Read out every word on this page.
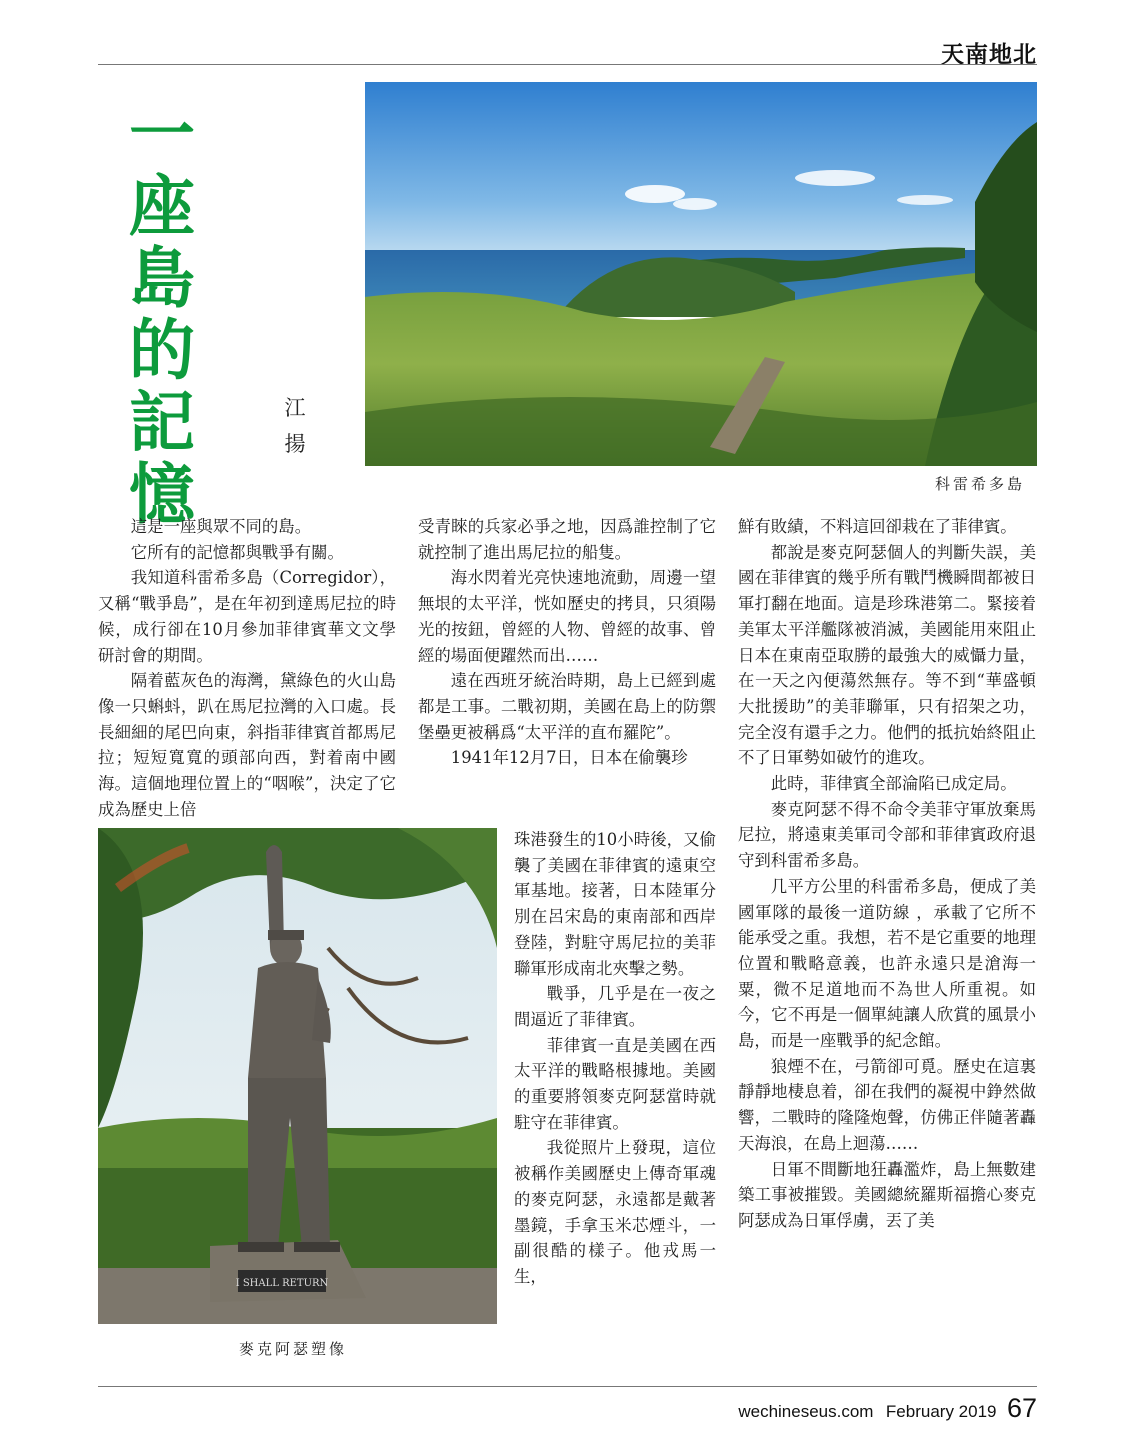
天南地北
一
座
島
的
記
憶
江
揚
科雷希多島

這是一座與眾不同的島。

它所有的記憶都與戰爭有關。

我知道科雷希多島（Corregidor），又稱“戰爭島”，是在年初到達馬尼拉的時候，成行卻在10月參加菲律賓華文文學研討會的期間。

隔着藍灰色的海灣，黛綠色的火山島像一只蝌蚪，趴在馬尼拉灣的入口處。長長細細的尾巴向東，斜指菲律賓首都馬尼拉；短短寬寬的頭部向西，對着南中國海。這個地理位置上的“咽喉”，決定了它成為歷史上倍

受青睞的兵家必爭之地，因爲誰控制了它就控制了進出馬尼拉的船隻。

海水閃着光亮快速地流動，周邊一望無垠的太平洋，恍如歷史的拷貝，只須陽光的按鈕，曾經的人物、曾經的故事、曾經的場面便躍然而出……

遠在西班牙統治時期，島上已經到處都是工事。二戰初期，美國在島上的防禦堡壘更被稱爲“太平洋的直布羅陀”。

1941年12月7日，日本在偷襲珍

珠港發生的10小時後，又偷襲了美國在菲律賓的遠東空軍基地。接著，日本陸軍分別在呂宋島的東南部和西岸登陸，對駐守馬尼拉的美菲聯軍形成南北夾擊之勢。

戰爭，几乎是在一夜之間逼近了菲律賓。

菲律賓一直是美國在西太平洋的戰略根據地。美國的重要將領麥克阿瑟當時就駐守在菲律賓。

我從照片上發現，這位被稱作美國歷史上傳奇軍魂的麥克阿瑟，永遠都是戴著墨鏡，手拿玉米芯煙斗，一副很酷的樣子。他戎馬一生，

鮮有敗績，不料這回卻栽在了菲律賓。

都說是麥克阿瑟個人的判斷失誤，美國在菲律賓的幾乎所有戰鬥機瞬間都被日軍打翻在地面。這是珍珠港第二。緊接着美軍太平洋艦隊被消滅，美國能用來阻止日本在東南亞取勝的最強大的威懾力量，在一天之內便蕩然無存。等不到“華盛頓大批援助”的美菲聯軍，只有招架之功，完全沒有還手之力。他們的抵抗始終阻止不了日軍勢如破竹的進攻。

此時，菲律賓全部淪陷已成定局。

麥克阿瑟不得不命令美菲守軍放棄馬尼拉，將遠東美軍司令部和菲律賓政府退守到科雷希多島。

几平方公里的科雷希多島，便成了美國軍隊的最後一道防線 ，承載了它所不能承受之重。我想，若不是它重要的地理位置和戰略意義，也許永遠只是滄海一粟，微不足道地而不為世人所重視。如今，它不再是一個單純讓人欣賞的風景小島，而是一座戰爭的紀念館。

狼煙不在，弓箭卻可覓。歷史在這裏靜靜地棲息着，卻在我們的凝視中錚然做響，二戰時的隆隆炮聲，仿佛正伴隨著轟天海浪，在島上迴蕩……

日軍不間斷地狂轟濫炸，島上無數建築工事被摧毀。美國總統羅斯福擔心麥克阿瑟成為日軍俘虜，丟了美

I SHALL RETURN
麥克阿瑟塑像
wechineseus.com February 2019 67
